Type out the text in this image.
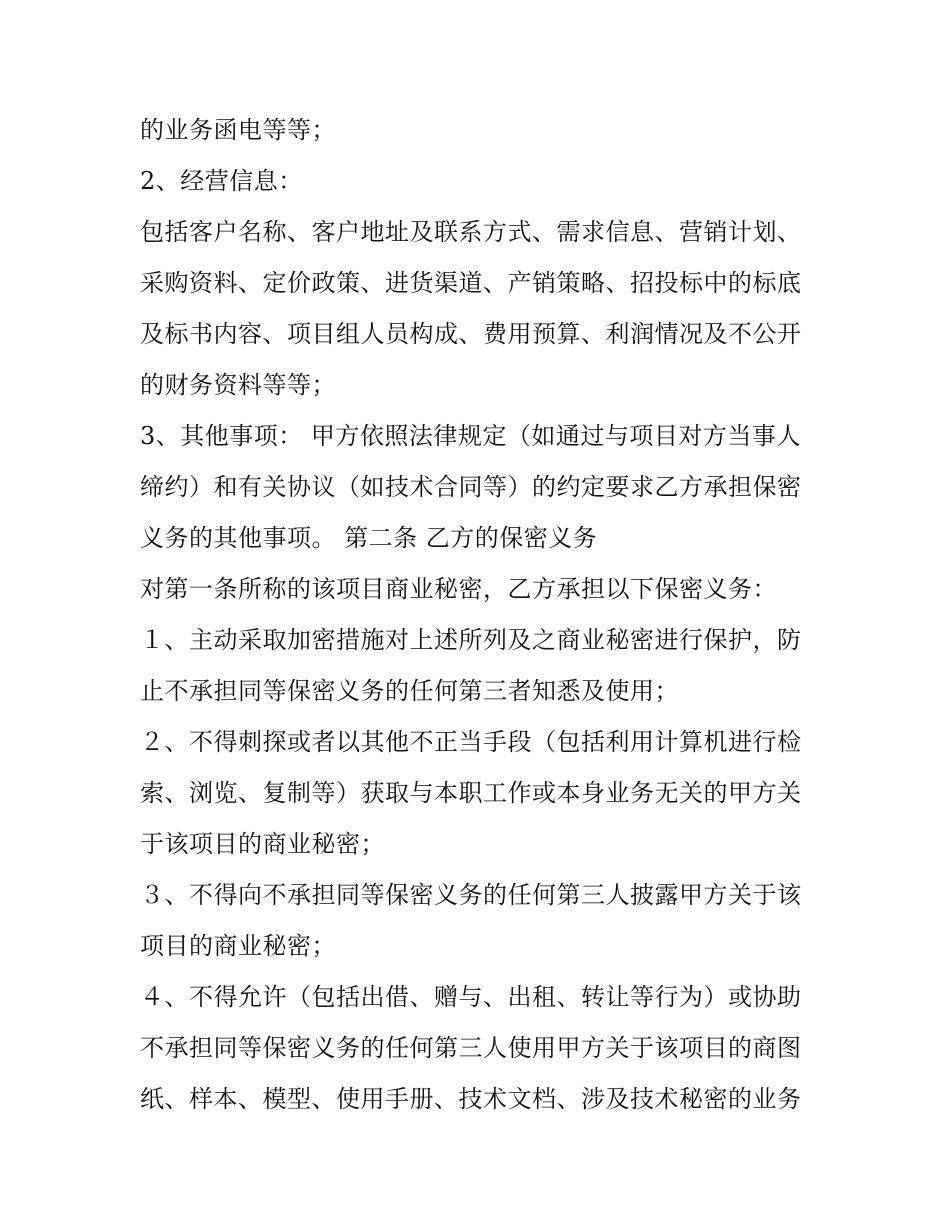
的业务函电等等；
2、经营信息：
包括客户名称、客户地址及联系方式、需求信息、营销计划、
采购资料、定价政策、进货渠道、产销策略、招投标中的标底
及标书内容、项目组人员构成、费用预算、利润情况及不公开
的财务资料等等；
3、其他事项： 甲方依照法律规定（如通过与项目对方当事人
缔约）和有关协议（如技术合同等）的约定要求乙方承担保密
义务的其他事项。 第二条 乙方的保密义务
对第一条所称的该项目商业秘密，乙方承担以下保密义务：
１、主动采取加密措施对上述所列及之商业秘密进行保护，防
止不承担同等保密义务的任何第三者知悉及使用；
２、不得刺探或者以其他不正当手段（包括利用计算机进行检
索、浏览、复制等）获取与本职工作或本身业务无关的甲方关
于该项目的商业秘密；
３、不得向不承担同等保密义务的任何第三人披露甲方关于该
项目的商业秘密；
４、不得允许（包括出借、赠与、出租、转让等行为）或协助
不承担同等保密义务的任何第三人使用甲方关于该项目的商图
纸、样本、模型、使用手册、技术文档、涉及技术秘密的业务
